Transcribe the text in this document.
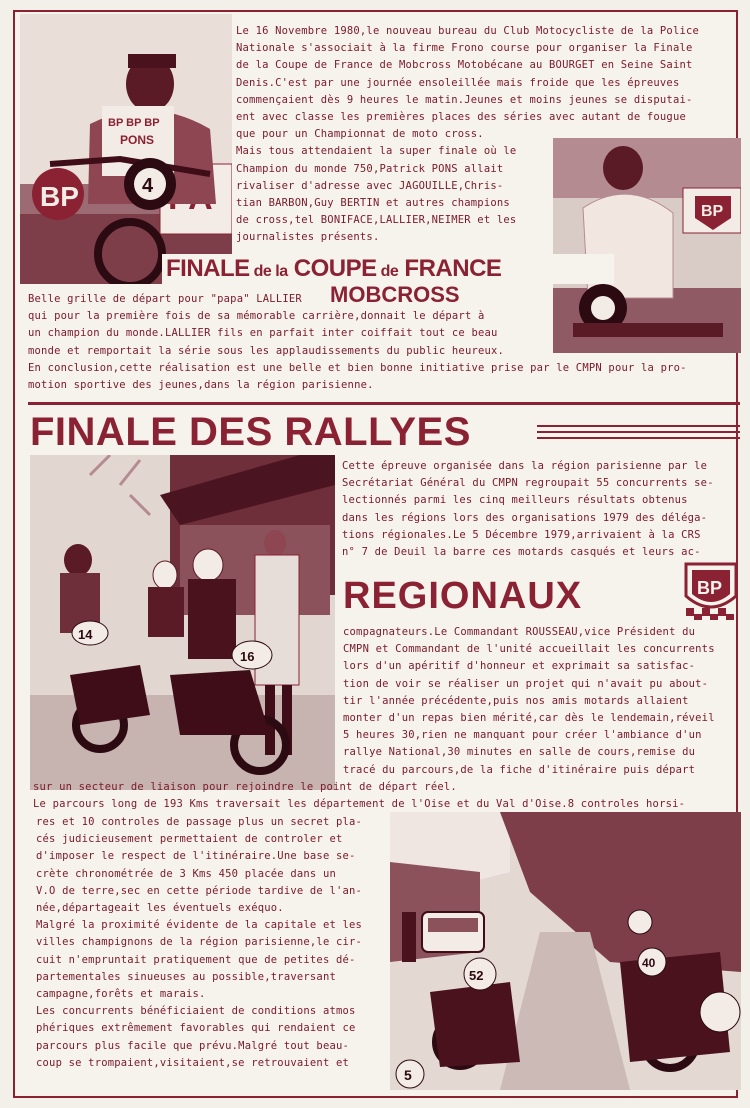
BP
BP BP BP
PONS
4

Le 16 Novembre 1980,le nouveau bureau du Club Motocycliste de la Police
Nationale s'associait à la firme Frono course pour organiser la Finale
de la Coupe de France de Mobcross Motobécane au BOURGET en Seine Saint
Denis.C'est par une journée ensoleillée mais froide que les épreuves
commençaient dès 9 heures le matin.Jeunes et moins jeunes se disputai-
ent avec classe les premières places des séries avec autant de fougue
que pour un Championnat de moto cross.
Mais tous attendaient la super finale où le
Champion du monde 750,Patrick PONS allait
rivaliser d'adresse avec JAGOUILLE,Chris-
tian BARBON,Guy BERTIN et autres champions
de cross,tel BONIFACE,LALLIER,NEIMER et les
journalistes présents.

BP
FINALE de la COUPE de FRANCE
MOBCROSS

Belle grille de départ pour "papa" LALLIER
qui pour la première fois de sa mémorable carrière,donnait le départ à
un champion du monde.LALLIER fils en parfait inter coiffait tout ce beau
monde et remportait la série sous les applaudissements du public heureux.
En conclusion,cette réalisation est une belle et bien bonne initiative prise par le CMPN pour la pro-
motion sportive des jeunes,dans la région parisienne.

FINALE DES RALLYES
14
16

Cette épreuve organisée dans la région parisienne par le
Secrétariat Général du CMPN regroupait 55 concurrents se-
lectionnés parmi les cinq meilleurs résultats obtenus
dans les régions lors des organisations 1979 des déléga-
tions régionales.Le 5 Décembre 1979,arrivaient à la CRS
n° 7 de Deuil la barre ces motards casqués et leurs ac-

REGIONAUX	BP

compagnateurs.Le Commandant ROUSSEAU,vice Président du
CMPN et Commandant de l'unité accueillait les concurrents
lors d'un apéritif d'honneur et exprimait sa satisfac-
tion de voir se réaliser un projet qui n'avait pu about-
tir l'année précédente,puis nos amis motards allaient
monter d'un repas bien mérité,car dès le lendemain,réveil
5 heures 30,rien ne manquant pour créer l'ambiance d'un
rallye National,30 minutes en salle de cours,remise du
tracé du parcours,de la fiche d'itinéraire puis départ

sur un secteur de liaison pour rejoindre le point de départ réel.
Le parcours long de 193 Kms traversait les département de l'Oise et du Val d'Oise.8 controles horsi-

res et 10 controles de passage plus un secret pla-
cés judicieusement permettaient de controler et
d'imposer le respect de l'itinéraire.Une base se-
crète chronométrée de 3 Kms 450 placée dans un
V.O de terre,sec en cette période tardive de l'an-
née,départageait les éventuels exéquo.
Malgré la proximité évidente de la capitale et les
villes champignons de la région parisienne,le cir-
cuit n'empruntait pratiquement que de petites dé-
partementales sinueuses au possible,traversant
campagne,forêts et marais.
Les concurrents bénéficiaient de conditions atmos
phériques extrêmement favorables qui rendaient ce
parcours plus facile que prévu.Malgré tout beau-
coup se trompaient,visitaient,se retrouvaient et

52
40
5
